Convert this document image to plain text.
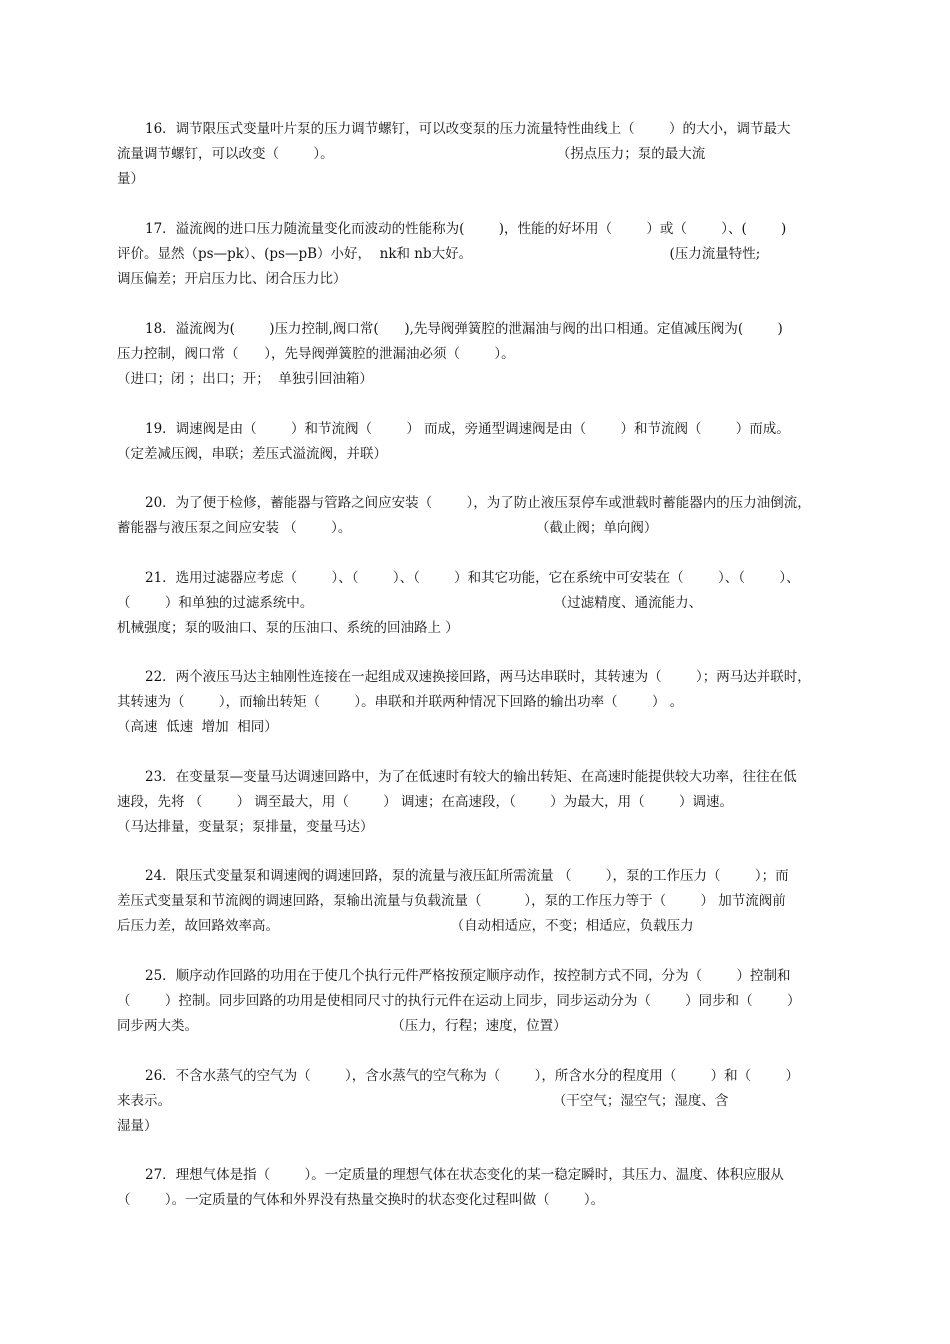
16．调节限压式变量叶片泵的压力调节螺钉，可以改变泵的压力流量特性曲线上（        ）的大小，调节最大
流量调节螺钉，可以改变（        ）。                                                    （拐点压力；泵的最大流
量）
17．溢流阀的进口压力随流量变化而波动的性能称为(        )，性能的好坏用（        ）或（        ）、(        )
评价。显然（ps—pk）、(ps—pB）小好，  nk和 nb大好。                                              (压力流量特性;
调压偏差；开启压力比、闭合压力比）
18．溢流阀为(        )压力控制,阀口常(      ),先导阀弹簧腔的泄漏油与阀的出口相通。定值减压阀为(        )
压力控制，阀口常（      ），先导阀弹簧腔的泄漏油必须（        ）。
（进口；闭 ；出口；开；  单独引回油箱）
19．调速阀是由（        ）和节流阀（        ） 而成，旁通型调速阀是由（        ）和节流阀（        ）而成。
（定差减压阀，串联；差压式溢流阀，并联）
20．为了便于检修，蓄能器与管路之间应安装（        ），为了防止液压泵停车或泄载时蓄能器内的压力油倒流，
蓄能器与液压泵之间应安装 （        ）。                                           （截止阀；单向阀）
21．选用过滤器应考虑（        ）、（        ）、（        ）和其它功能，它在系统中可安装在（        ）、（        ）、
（        ）和单独的过滤系统中。                                                        （过滤精度、通流能力、
机械强度；泵的吸油口、泵的压油口、系统的回油路上 ）
22．两个液压马达主轴刚性连接在一起组成双速换接回路，两马达串联时，其转速为（        ）；两马达并联时，
其转速为（        ），而输出转矩（        ）。串联和并联两种情况下回路的输出功率（        ） 。
（高速  低速  增加  相同）
23．在变量泵—变量马达调速回路中，为了在低速时有较大的输出转矩、在高速时能提供较大功率，往往在低
速段，先将 （        ） 调至最大，用（        ） 调速；在高速段，（        ）为最大，用（        ）调速。
（马达排量，变量泵；泵排量，变量马达）
24．限压式变量泵和调速阀的调速回路，泵的流量与液压缸所需流量 （        ），泵的工作压力（        ）；而
差压式变量泵和节流阀的调速回路，泵输出流量与负载流量（          ），泵的工作压力等于（        ） 加节流阀前
后压力差，故回路效率高。                                        （自动相适应，不变；相适应，负载压力
25．顺序动作回路的功用在于使几个执行元件严格按预定顺序动作，按控制方式不同，分为（        ）控制和
（        ）控制。同步回路的功用是使相同尺寸的执行元件在运动上同步，同步运动分为（        ）同步和（        ）
同步两大类。                                             （压力，行程；速度，位置）
26．不含水蒸气的空气为（        ），含水蒸气的空气称为（        ），所含水分的程度用（        ）和（        ）
来表示。                                                                                         （干空气；湿空气；湿度、含
湿量）
27．理想气体是指（        ）。一定质量的理想气体在状态变化的某一稳定瞬时，其压力、温度、体积应服从
（        ）。一定质量的气体和外界没有热量交换时的状态变化过程叫做（        ）。
